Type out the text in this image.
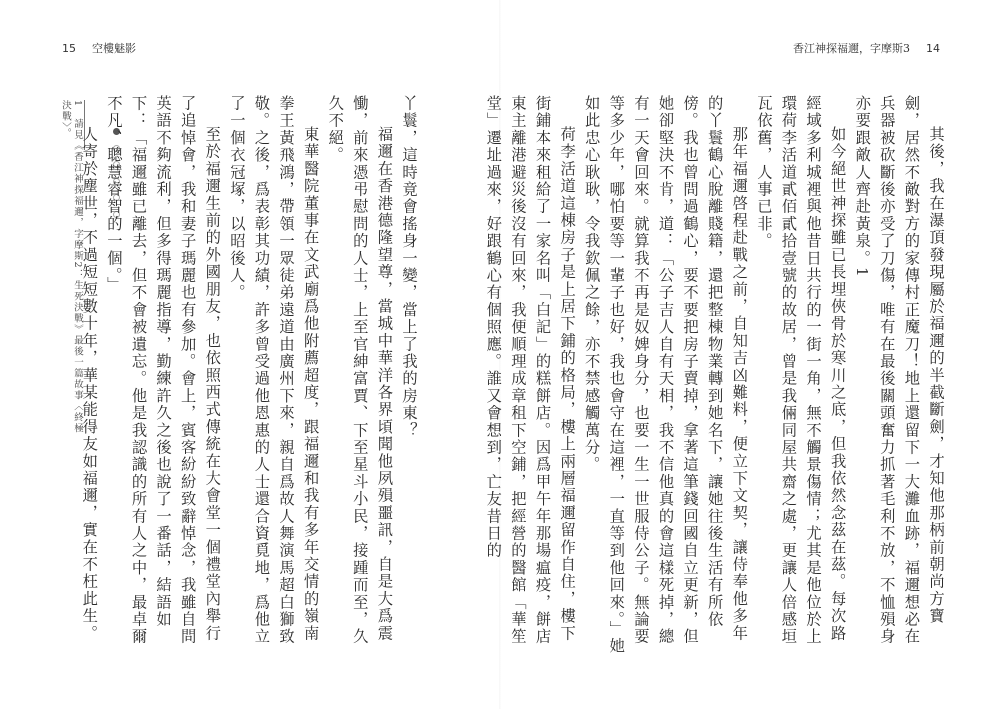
15 空樓魅影
1　請見《香江神探福邇，字摩斯2：生死決戰》最後一篇故事〈終極決戰〉。	丫鬟，這時竟會搖身一變，當上了我的房東？

福邇在香港德隆望尊，當城中華洋各界頃聞他夙殞噩訊，自是大爲震慟，前來憑弔慰問的人士，上至官紳富賈、下至星斗小民，接踵而至，久久不絕。

東華醫院董事在文武廟爲他附薦超度，跟福邇和我有多年交情的嶺南拳王黃飛鴻，帶領一眾徒弟遠道由廣州下來，親自爲故人舞演馬超白獅致敬。之後，爲表彰其功績，許多曾受過他恩惠的人士還合資覓地，爲他立了一個衣冠塚，以昭後人。

至於福邇生前的外國朋友，也依照西式傳統在大會堂一個禮堂內舉行了追悼會，我和妻子瑪麗也有參加。會上，賓客紛紛致辭悼念，我雖自問英語不夠流利，但多得瑪麗指導，勤練許久之後也說了一番話，結語如下：「福邇雖已離去，但不會被遺忘。他是我認識的所有人之中，最卓爾不凡、聰慧睿智的一個。」

人寄於塵世，不過短短數十年，華某能得友如福邇，實在不枉此生。

香江神探福邇，字摩斯3 14

其後，我在瀑頂發現屬於福邇的半截斷劍，才知他那柄前朝尚方寶劍，居然不敵對方的家傳村正魔刀！地上還留下一大灘血跡，福邇想必在兵器被砍斷後亦受了刀傷，唯有在最後關頭奮力抓著毛利不放，不恤殞身亦要跟敵人齊赴黃泉。1

如今絕世神探雖已長埋俠骨於寒川之底，但我依然念茲在茲。每次路經域多利城裡與他昔日共行的一街一角，無不觸景傷情；尤其是他位於上環荷李活道貳佰貳拾壹號的故居，曾是我倆同屋共齋之處，更讓人倍感垣瓦依舊，人事已非。

那年福邇啓程赴戰之前，自知吉凶難料，便立下文契，讓侍奉他多年的丫鬟鶴心脫離賤籍，還把整棟物業轉到她名下，讓她往後生活有所依傍。我也曾問過鶴心，要不要把房子賣掉，拿著這筆錢回國自立更新，但她卻堅決不肯，道：「公子吉人自有天相，我不信他真的會這樣死掉，總有一天會回來。就算我不再是奴婢身分，也要一生一世服侍公子。無論要等多少年，哪怕要等一輩子也好，我也會守在這裡，一直等到他回來。」她如此忠心耿耿，令我欽佩之餘，亦不禁感觸萬分。

荷李活道這棟房子是上居下鋪的格局，樓上兩層福邇留作自住，樓下街鋪本來租給了一家名叫「白記」的糕餅店。因爲甲午年那場瘟疫，餅店東主離港避災後沒有回來，我便順理成章租下空鋪，把經營的醫館「華笙堂」遷址過來，好跟鶴心有個照應。誰又會想到，亡友昔日的
